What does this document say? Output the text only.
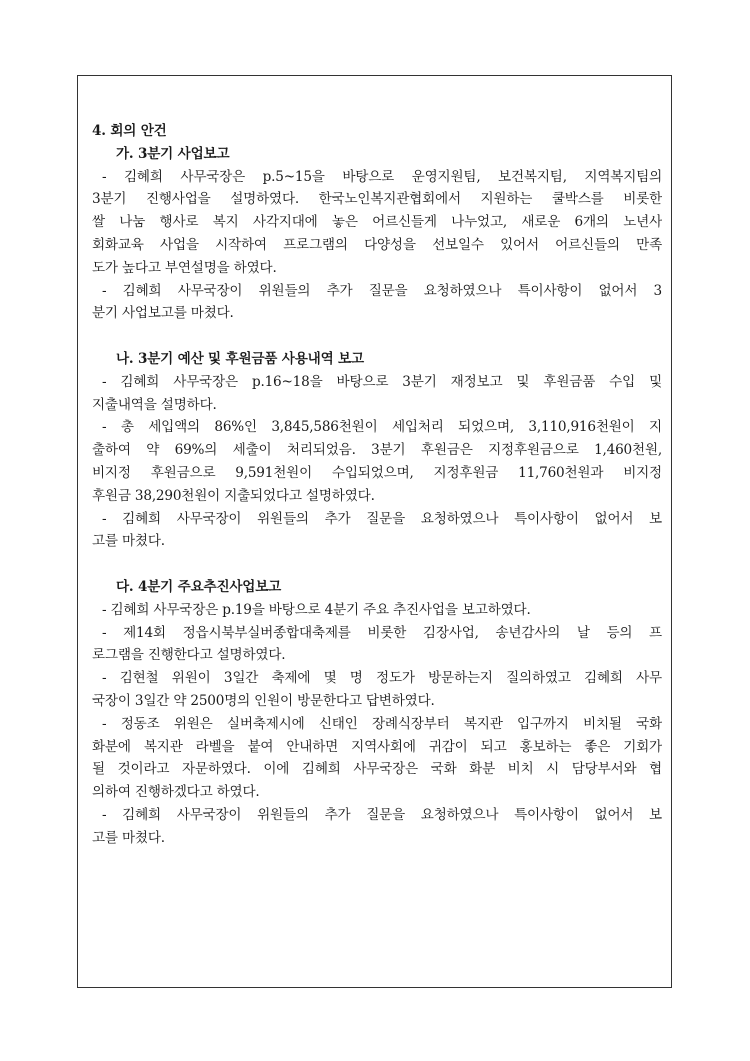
4. 회의 안건
가. 3분기 사업보고
- 김혜희 사무국장은 p.5~15을 바탕으로 운영지원팀, 보건복지팀, 지역복지팀의
3분기 진행사업을 설명하였다. 한국노인복지관협회에서 지원하는 쿨박스를 비롯한
쌀 나눔 행사로 복지 사각지대에 놓은 어르신들게 나누었고, 새로운 6개의 노년사
회화교육 사업을 시작하여 프로그램의 다양성을 선보일수 있어서 어르신들의 만족
도가 높다고 부연설명을 하였다.
- 김혜희 사무국장이 위원들의 추가 질문을 요청하였으나 특이사항이 없어서 3
분기 사업보고를 마쳤다.
나. 3분기 예산 및 후원금품 사용내역 보고
- 김혜희 사무국장은 p.16~18을 바탕으로 3분기 재정보고 및 후원금품 수입 및
지출내역을 설명하다.
- 총 세입액의 86%인 3,845,586천원이 세입처리 되었으며, 3,110,916천원이 지
출하여 약 69%의 세출이 처리되었음. 3분기 후원금은 지정후원금으로 1,460천원,
비지정 후원금으로 9,591천원이 수입되었으며, 지정후원금 11,760천원과 비지정
후원금 38,290천원이 지출되었다고 설명하였다.
- 김혜희 사무국장이 위원들의 추가 질문을 요청하였으나 특이사항이 없어서 보
고를 마쳤다.
다. 4분기 주요추진사업보고
- 김혜희 사무국장은 p.19을 바탕으로 4분기 주요 추진사업을 보고하였다.
- 제14회 정읍시북부실버종합대축제를 비롯한 김장사업, 송년감사의 날 등의 프
로그램을 진행한다고 설명하였다.
- 김현철 위원이 3일간 축제에 몇 명 정도가 방문하는지 질의하였고 김혜희 사무
국장이 3일간 약 2500명의 인원이 방문한다고 답변하였다.
- 정동조 위원은 실버축제시에 신태인 장례식장부터 복지관 입구까지 비치될 국화
화분에 복지관 라벨을 붙여 안내하면 지역사회에 귀감이 되고 홍보하는 좋은 기회가
될 것이라고 자문하였다. 이에 김혜희 사무국장은 국화 화분 비치 시 담당부서와 협
의하여 진행하겠다고 하였다.
- 김혜희 사무국장이 위원들의 추가 질문을 요청하였으나 특이사항이 없어서 보
고를 마쳤다.
